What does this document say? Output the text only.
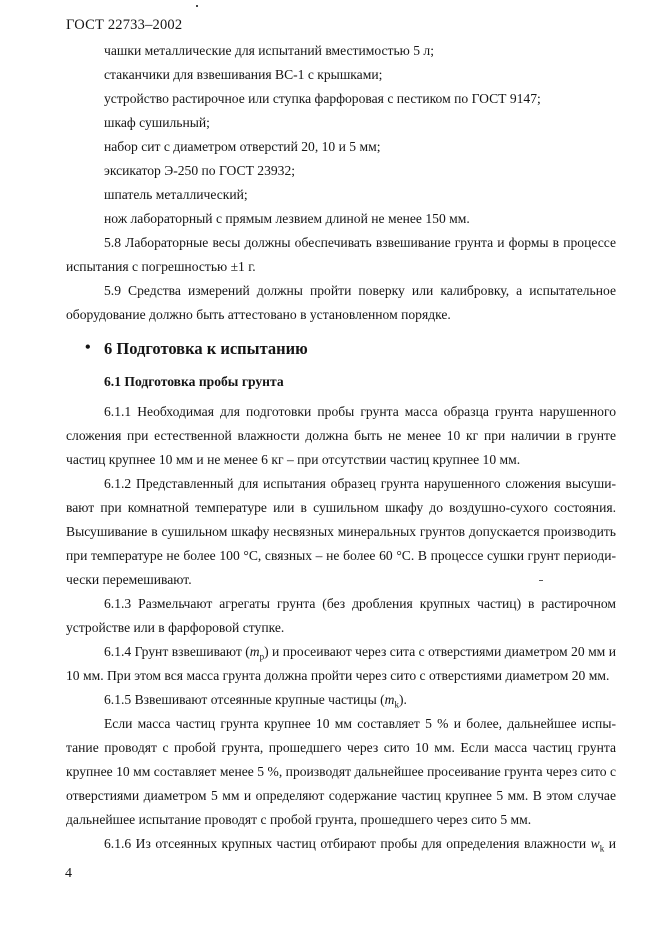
ГОСТ 22733–2002
чашки металлические для испытаний вместимостью 5 л;
стаканчики для взвешивания ВС-1 с крышками;
устройство растирочное или ступка фарфоровая с пестиком по ГОСТ 9147;
шкаф сушильный;
набор сит с диаметром отверстий 20, 10 и 5 мм;
эксикатор Э-250 по ГОСТ 23932;
шпатель металлический;
нож лабораторный с прямым лезвием длиной не менее 150 мм.
5.8 Лабораторные весы должны обеспечивать взвешивание грунта и формы в процессе
испытания с погрешностью ±1 г.
5.9 Средства измерений должны пройти поверку или калибровку, а испытательное
оборудование должно быть аттестовано в установленном порядке.
• 6 Подготовка к испытанию
6.1 Подготовка пробы грунта
6.1.1 Необходимая для подготовки пробы грунта масса образца грунта нарушенного
сложения при естественной влажности должна быть не менее 10 кг при наличии в грунте
частиц крупнее 10 мм и не менее 6 кг – при отсутствии частиц крупнее 10 мм.
6.1.2 Представленный для испытания образец грунта нарушенного сложения высуши-
вают при комнатной температуре или в сушильном шкафу до воздушно-сухого состояния.
Высушивание в сушильном шкафу несвязных минеральных грунтов допускается производить
при температуре не более 100 °С, связных – не более 60 °С. В процессе сушки грунт периоди-
чески перемешивают.
6.1.3 Размельчают агрегаты грунта (без дробления крупных частиц) в растирочном
устройстве или в фарфоровой ступке.
6.1.4 Грунт взвешивают $(m_p)$ и просеивают через сита с отверстиями диаметром 20 мм и
10 мм. При этом вся масса грунта должна пройти через сито с отверстиями диаметром 20 мм.
6.1.5 Взвешивают отсеянные крупные частицы $(m_k)$.
Если масса частиц грунта крупнее 10 мм составляет 5 % и более, дальнейшее испы-
тание проводят с пробой грунта, прошедшего через сито 10 мм. Если масса частиц грунта
крупнее 10 мм составляет менее 5 %, производят дальнейшее просеивание грунта через сито с
отверстиями диаметром 5 мм и определяют содержание частиц крупнее 5 мм. В этом случае
дальнейшее испытание проводят с пробой грунта, прошедшего через сито 5 мм.
6.1.6 Из отсеянных крупных частиц отбирают пробы для определения влажности $w_k$ и
4
